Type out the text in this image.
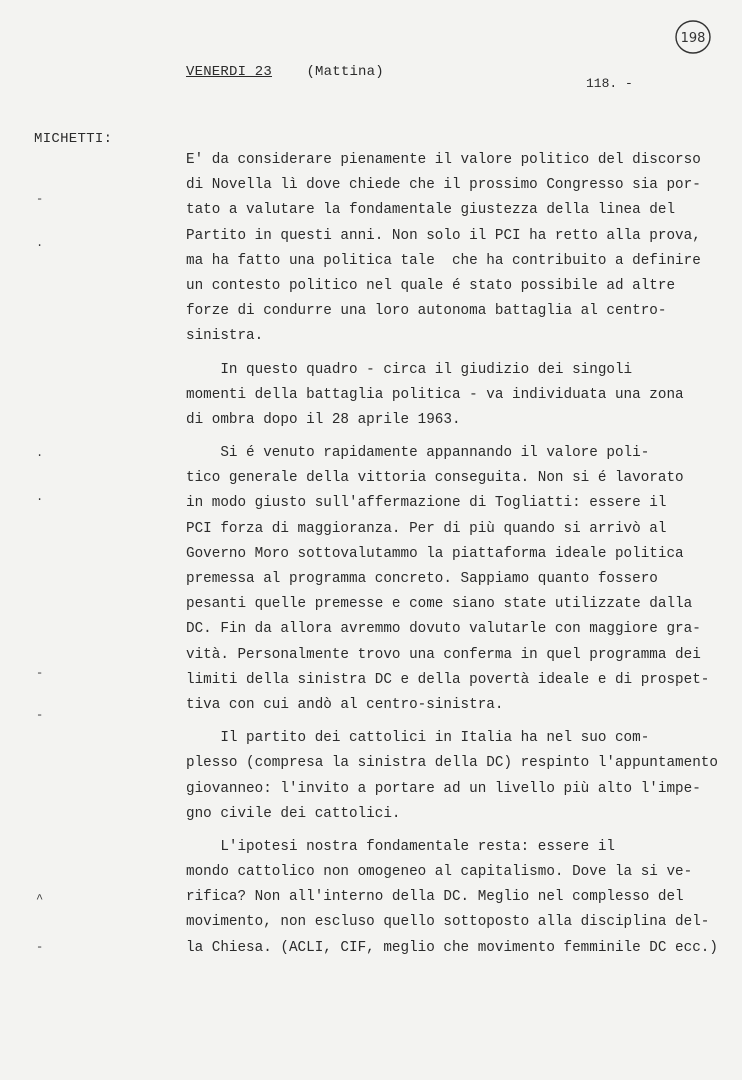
198
VENERDI 23 (Mattina)
118. -
MICHETTI:
-
.
.
.
-
-
^
-
E' da considerare pienamente il valore politico del discorso
di Novella lì dove chiede che il prossimo Congresso sia por-
tato a valutare la fondamentale giustezza della linea del
Partito in questi anni. Non solo il PCI ha retto alla prova,
ma ha fatto una politica tale  che ha contribuito a definire
un contesto politico nel quale é stato possibile ad altre
forze di condurre una loro autonoma battaglia al centro-
sinistra.
In questo quadro - circa il giudizio dei singoli
momenti della battaglia politica - va individuata una zona
di ombra dopo il 28 aprile 1963.
Si é venuto rapidamente appannando il valore poli-
tico generale della vittoria conseguita. Non si é lavorato
in modo giusto sull'affermazione di Togliatti: essere il
PCI forza di maggioranza. Per di più quando si arrivò al
Governo Moro sottovalutammo la piattaforma ideale politica
premessa al programma concreto. Sappiamo quanto fossero
pesanti quelle premesse e come siano state utilizzate dalla
DC. Fin da allora avremmo dovuto valutarle con maggiore gra-
vità. Personalmente trovo una conferma in quel programma dei
limiti della sinistra DC e della povertà ideale e di prospet-
tiva con cui andò al centro-sinistra.
Il partito dei cattolici in Italia ha nel suo com-
plesso (compresa la sinistra della DC) respinto l'appuntamento
giovanneo: l'invito a portare ad un livello più alto l'impe-
gno civile dei cattolici.
L'ipotesi nostra fondamentale resta: essere il
mondo cattolico non omogeneo al capitalismo. Dove la si ve-
rifica? Non all'interno della DC. Meglio nel complesso del
movimento, non escluso quello sottoposto alla disciplina del-
la Chiesa. (ACLI, CIF, meglio che movimento femminile DC ecc.)
